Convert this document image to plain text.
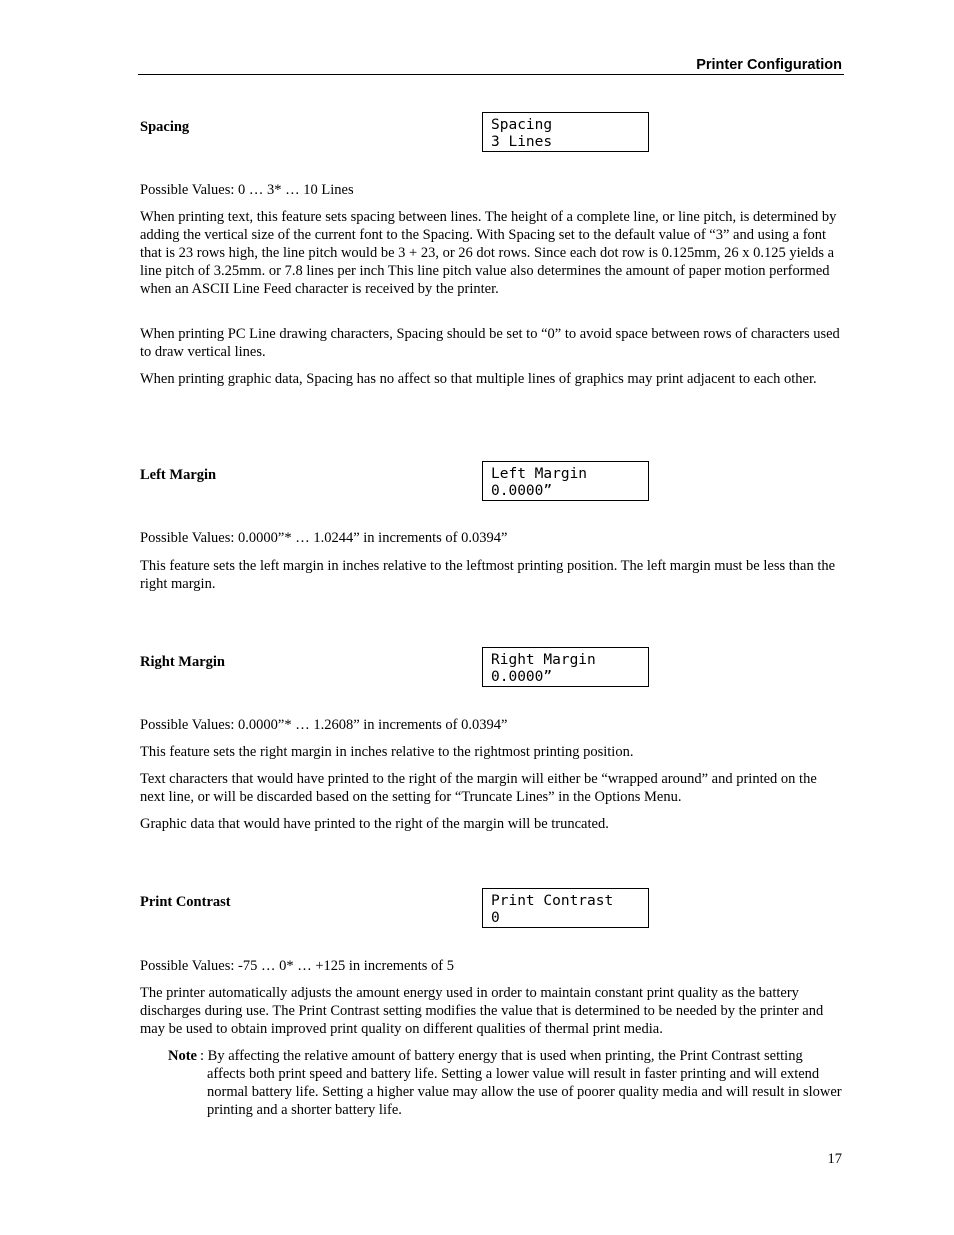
Printer Configuration
Spacing	Spacing
3 Lines

Possible Values: 0 … 3* … 10 Lines

When printing text, this feature sets spacing between lines. The height of a complete line, or line pitch, is determined by adding the vertical size of the current font to the Spacing. With Spacing set to the default value of “3” and using a font that is 23 rows high, the line pitch would be 3 + 23, or 26 dot rows. Since each dot row is 0.125mm, 26 x 0.125 yields a line pitch of 3.25mm. or 7.8 lines per inch This line pitch value also determines the amount of paper motion performed when an ASCII Line Feed character is received by the printer.

When printing PC Line drawing characters, Spacing should be set to “0” to avoid space between rows of characters used to draw vertical lines.

When printing graphic data, Spacing has no affect so that multiple lines of graphics may print adjacent to each other.

Left Margin	Left Margin
0.0000”

Possible Values: 0.0000”* … 1.0244” in increments of 0.0394”

This feature sets the left margin in inches relative to the leftmost printing position. The left margin must be less than the right margin.

Right Margin	Right Margin
0.0000”

Possible Values: 0.0000”* … 1.2608” in increments of 0.0394”

This feature sets the right margin in inches relative to the rightmost printing position.

Text characters that would have printed to the right of the margin will either be “wrapped around” and printed on the next line, or will be discarded based on the setting for “Truncate Lines” in the Options Menu.

Graphic data that would have printed to the right of the margin will be truncated.

Print Contrast	Print Contrast
0

Possible Values: -75 … 0* … +125 in increments of 5

The printer automatically adjusts the amount energy used in order to maintain constant print quality as the battery discharges during use. The Print Contrast setting modifies the value that is determined to be needed by the printer and may be used to obtain improved print quality on different qualities of thermal print media.

Note : By affecting the relative amount of battery energy that is used when printing, the Print Contrast setting affects both print speed and battery life. Setting a lower value will result in faster printing and will extend normal battery life. Setting a higher value may allow the use of poorer quality media and will result in slower printing and a shorter battery life.
17
